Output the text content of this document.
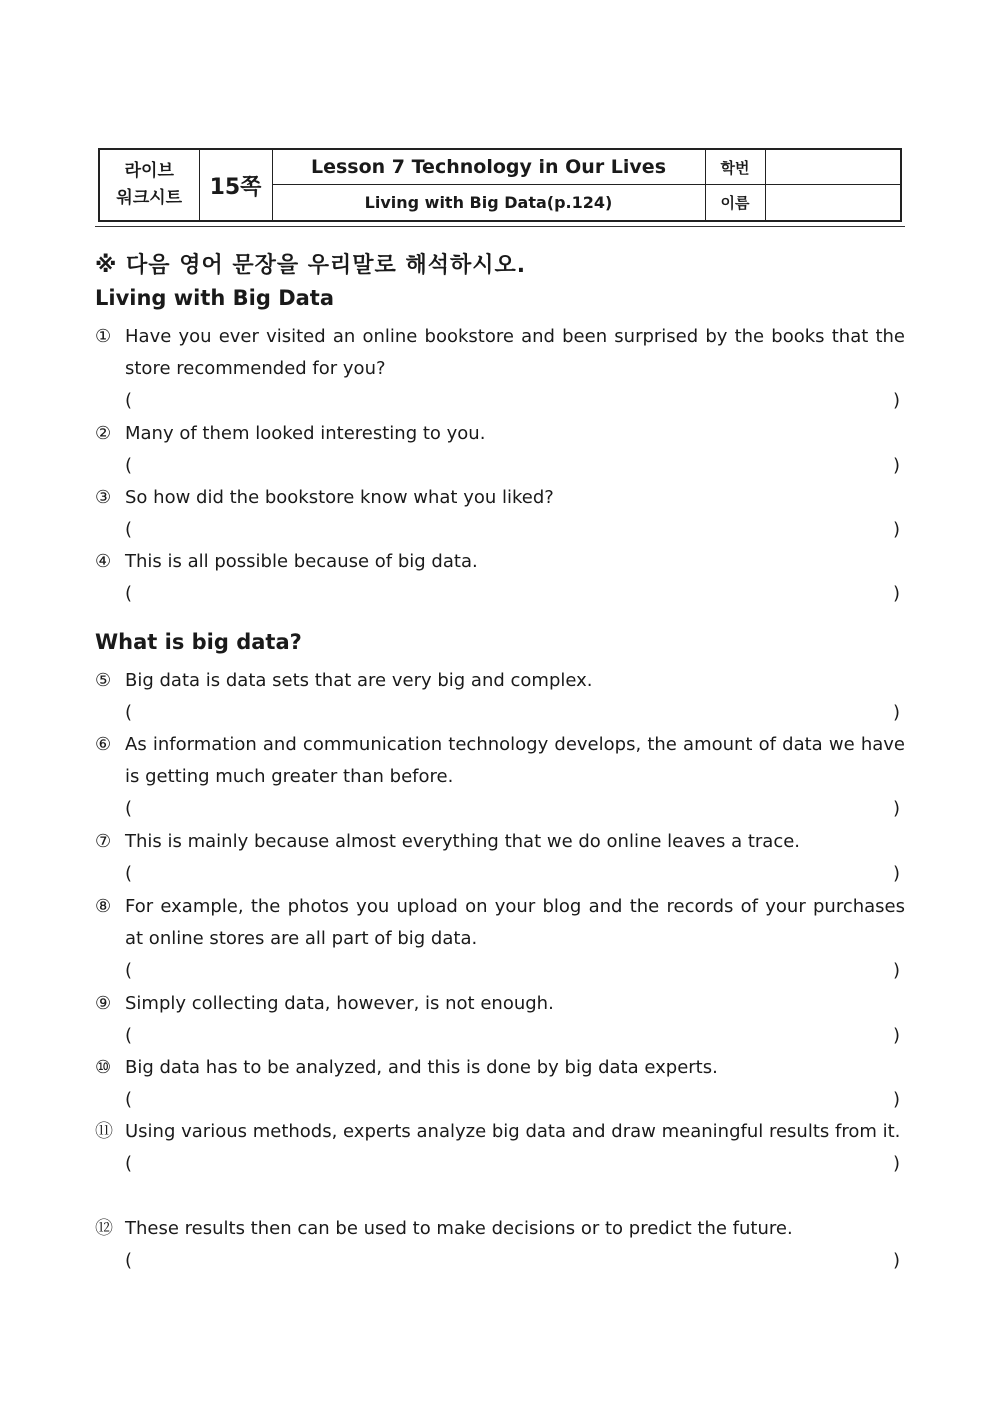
라이브
워크시트	15쪽	Lesson 7 Technology in Our Lives	학번	
		Living with Big Data(p.124)	이름	
※ 다음 영어 문장을 우리말로 해석하시오.
Living with Big Data
What is big data?
① Have you ever visited an online bookstore and been surprised by the books that the store recommended for you?
(	)
② Many of them looked interesting to you.
(	)
③ So how did the bookstore know what you liked?
(	)
④ This is all possible because of big data.
(	)
⑤ Big data is data sets that are very big and complex.
(	)
⑥ As information and communication technology develops, the amount of data we have is getting much greater than before.
(	)
⑦ This is mainly because almost everything that we do online leaves a trace.
(	)
⑧ For example, the photos you upload on your blog and the records of your purchases at online stores are all part of big data.
(	)
⑨ Simply collecting data, however, is not enough.
(	)
⑩ Big data has to be analyzed, and this is done by big data experts.
(	)
⑪ Using various methods, experts analyze big data and draw meaningful results from it.
(	)
⑫ These results then can be used to make decisions or to predict the future.
(	)
